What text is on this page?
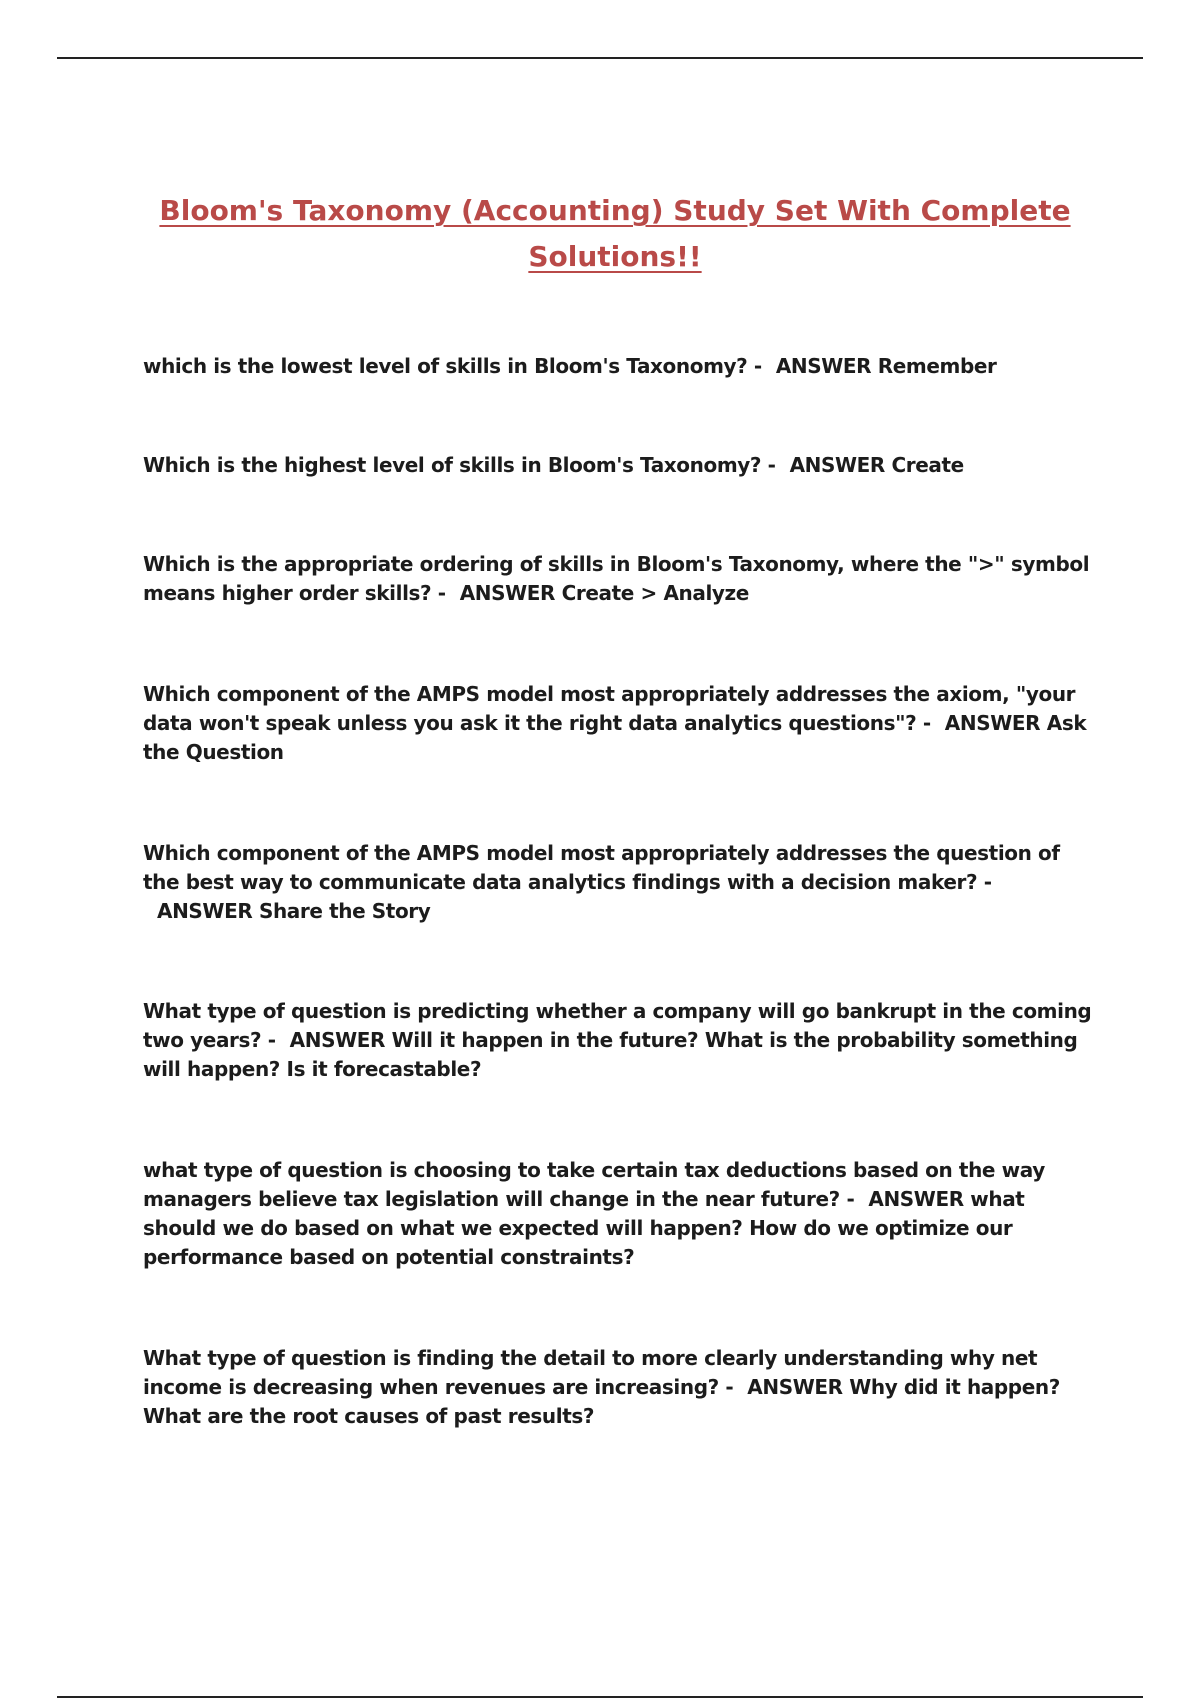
Bloom's Taxonomy (Accounting) Study Set With Complete Solutions!!

which is the lowest level of skills in Bloom's Taxonomy? - ANSWER Remember

Which is the highest level of skills in Bloom's Taxonomy? - ANSWER Create

Which is the appropriate ordering of skills in Bloom's Taxonomy, where the ">" symbol means higher order skills? - ANSWER Create > Analyze

Which component of the AMPS model most appropriately addresses the axiom, "your data won't speak unless you ask it the right data analytics questions"? - ANSWER Ask the Question

Which component of the AMPS model most appropriately addresses the question of the best way to communicate data analytics findings with a decision maker? -ANSWER Share the Story

What type of question is predicting whether a company will go bankrupt in the coming two years? - ANSWER Will it happen in the future? What is the probability something will happen? Is it forecastable?

what type of question is choosing to take certain tax deductions based on the way managers believe tax legislation will change in the near future? - ANSWER what should we do based on what we expected will happen? How do we optimize our performance based on potential constraints?

What type of question is finding the detail to more clearly understanding why net income is decreasing when revenues are increasing? - ANSWER Why did it happen? What are the root causes of past results?
